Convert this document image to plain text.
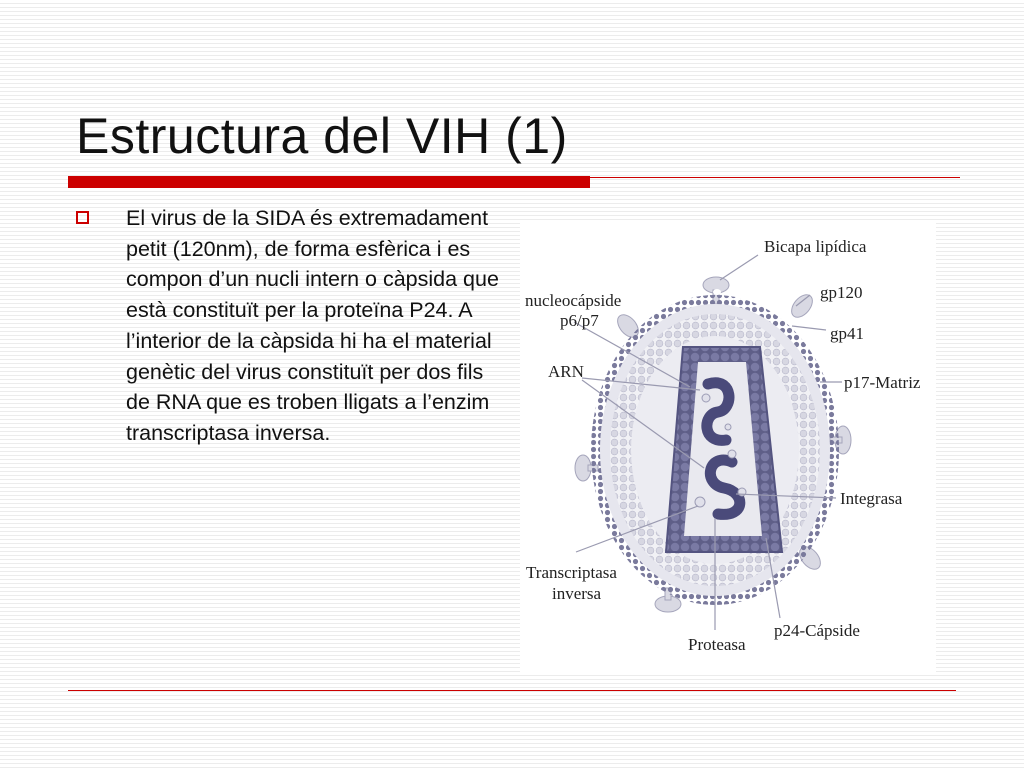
Estructura del VIH (1)

El virus de la SIDA és extremadament petit (120nm), de forma esfèrica i es compon d’un nucli intern o càpsida que està constituït per la proteïna P24. A l’interior de la càpsida hi ha el material genètic del virus constituït per dos fils de RNA que es troben lligats a l’enzim transcriptasa inversa.

Bicapa lipídica
gp120
nucleocápside
p6/p7
gp41
ARN
p17-Matriz
Integrasa
Transcriptasa
inversa
p24-Cápside
Proteasa
